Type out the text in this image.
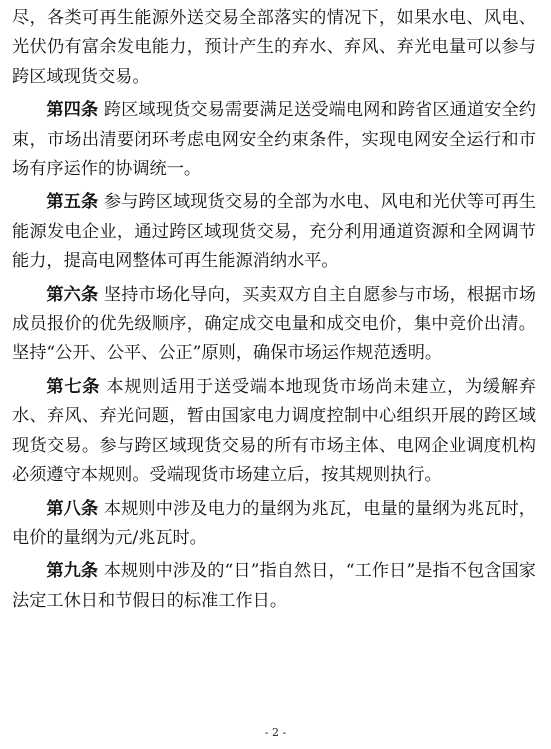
尽，各类可再生能源外送交易全部落实的情况下，如果水电、风电、光伏仍有富余发电能力，预计产生的弃水、弃风、弃光电量可以参与跨区域现货交易。

第四条 跨区域现货交易需要满足送受端电网和跨省区通道安全约束，市场出清要闭环考虑电网安全约束条件，实现电网安全运行和市场有序运作的协调统一。

第五条 参与跨区域现货交易的全部为水电、风电和光伏等可再生能源发电企业，通过跨区域现货交易，充分利用通道资源和全网调节能力，提高电网整体可再生能源消纳水平。

第六条 坚持市场化导向，买卖双方自主自愿参与市场，根据市场成员报价的优先级顺序，确定成交电量和成交电价，集中竞价出清。坚持“公开、公平、公正”原则，确保市场运作规范透明。

第七条 本规则适用于送受端本地现货市场尚未建立，为缓解弃水、弃风、弃光问题，暂由国家电力调度控制中心组织开展的跨区域现货交易。参与跨区域现货交易的所有市场主体、电网企业调度机构必须遵守本规则。受端现货市场建立后，按其规则执行。

第八条 本规则中涉及电力的量纲为兆瓦，电量的量纲为兆瓦时，电价的量纲为元/兆瓦时。

第九条 本规则中涉及的“日”指自然日，“工作日”是指不包含国家法定工休日和节假日的标准工作日。

- 2 -
